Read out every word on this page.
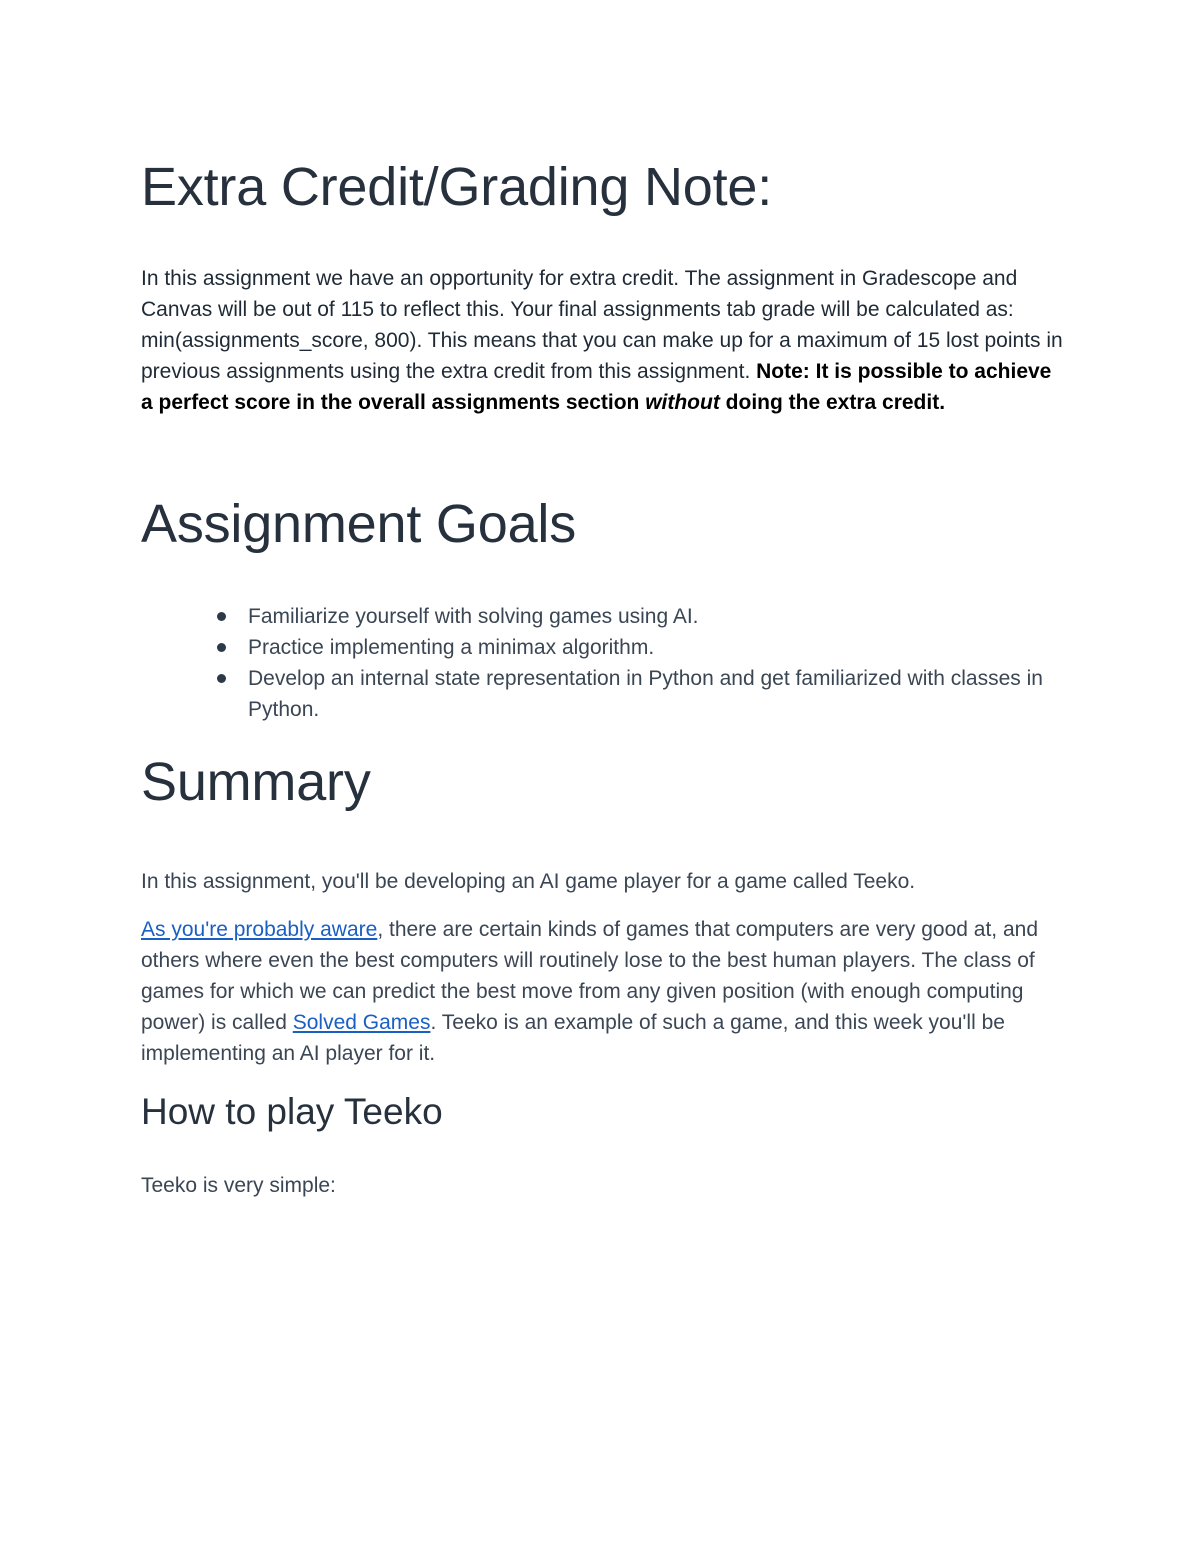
Extra Credit/Grading Note:

In this assignment we have an opportunity for extra credit. The assignment in Gradescope and Canvas will be out of 115 to reflect this. Your final assignments tab grade will be calculated as: min(assignments_score, 800). This means that you can make up for a maximum of 15 lost points in previous assignments using the extra credit from this assignment. Note: It is possible to achieve a perfect score in the overall assignments section without doing the extra credit.

Assignment Goals
Familiarize yourself with solving games using AI.
Practice implementing a minimax algorithm.
Develop an internal state representation in Python and get familiarized with classes in Python.
Summary

In this assignment, you'll be developing an AI game player for a game called Teeko.

As you're probably aware, there are certain kinds of games that computers are very good at, and others where even the best computers will routinely lose to the best human players. The class of games for which we can predict the best move from any given position (with enough computing power) is called Solved Games. Teeko is an example of such a game, and this week you'll be implementing an AI player for it.

How to play Teeko

Teeko is very simple:
